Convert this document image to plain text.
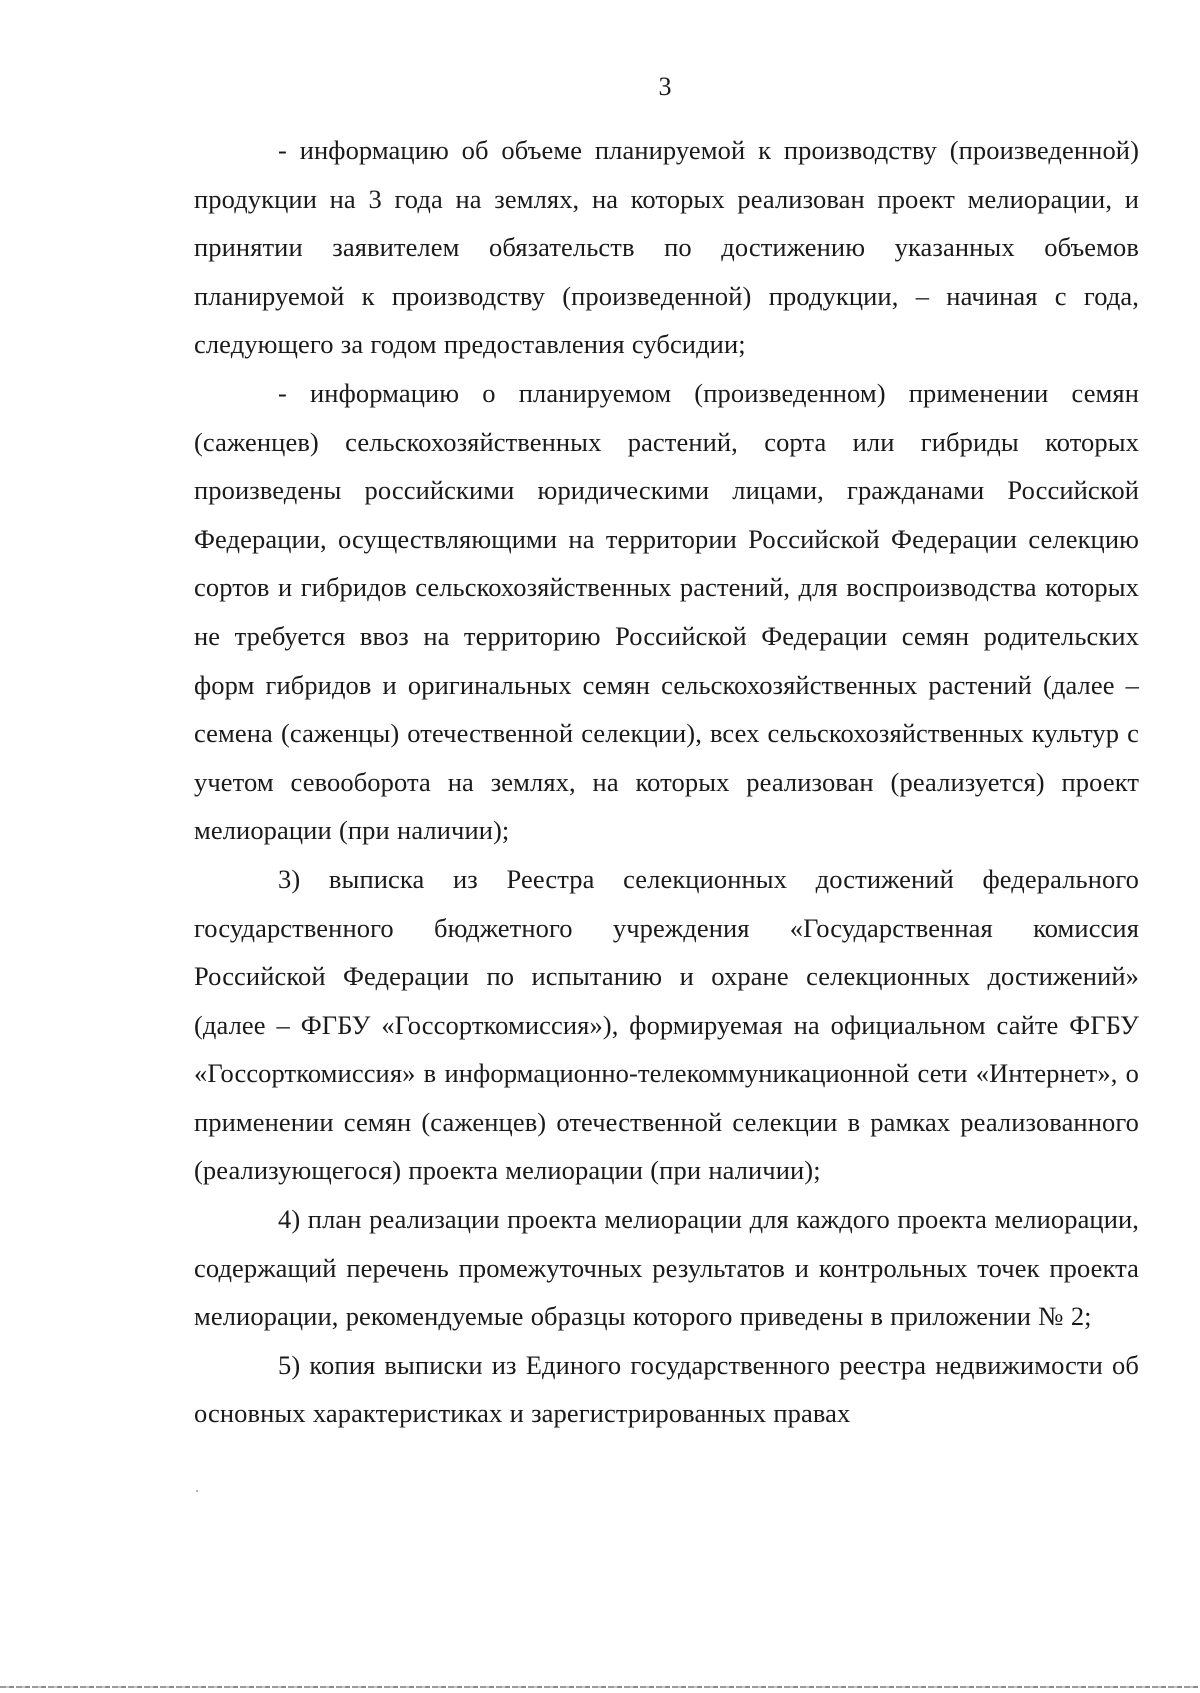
3

- информацию об объеме планируемой к производству (произведенной) продукции на 3 года на землях, на которых реализован проект мелиорации, и принятии заявителем обязательств по достижению указанных объемов планируемой к производству (произведенной) продукции, – начиная с года, следующего за годом предоставления субсидии;

- информацию о планируемом (произведенном) применении семян (саженцев) сельскохозяйственных растений, сорта или гибриды которых произведены российскими юридическими лицами, гражданами Российской Федерации, осуществляющими на территории Российской Федерации селекцию сортов и гибридов сельскохозяйственных растений, для воспроизводства которых не требуется ввоз на территорию Российской Федерации семян родительских форм гибридов и оригинальных семян сельскохозяйственных растений (далее – семена (саженцы) отечественной селекции), всех сельскохозяйственных культур с учетом севооборота на землях, на которых реализован (реализуется) проект мелиорации (при наличии);

3) выписка из Реестра селекционных достижений федерального государственного бюджетного учреждения «Государственная комиссия Российской Федерации по испытанию и охране селекционных достижений» (далее – ФГБУ «Госсорткомиссия»), формируемая на официальном сайте ФГБУ «Госсорткомиссия» в информационно-телекоммуникационной сети «Интернет», о применении семян (саженцев) отечественной селекции в рамках реализованного (реализующегося) проекта мелиорации (при наличии);

4) план реализации проекта мелиорации для каждого проекта мелиорации, содержащий перечень промежуточных результатов и контрольных точек проекта мелиорации, рекомендуемые образцы которого приведены в приложении № 2;

5) копия выписки из Единого государственного реестра недвижимости об основных характеристиках и зарегистрированных правах
